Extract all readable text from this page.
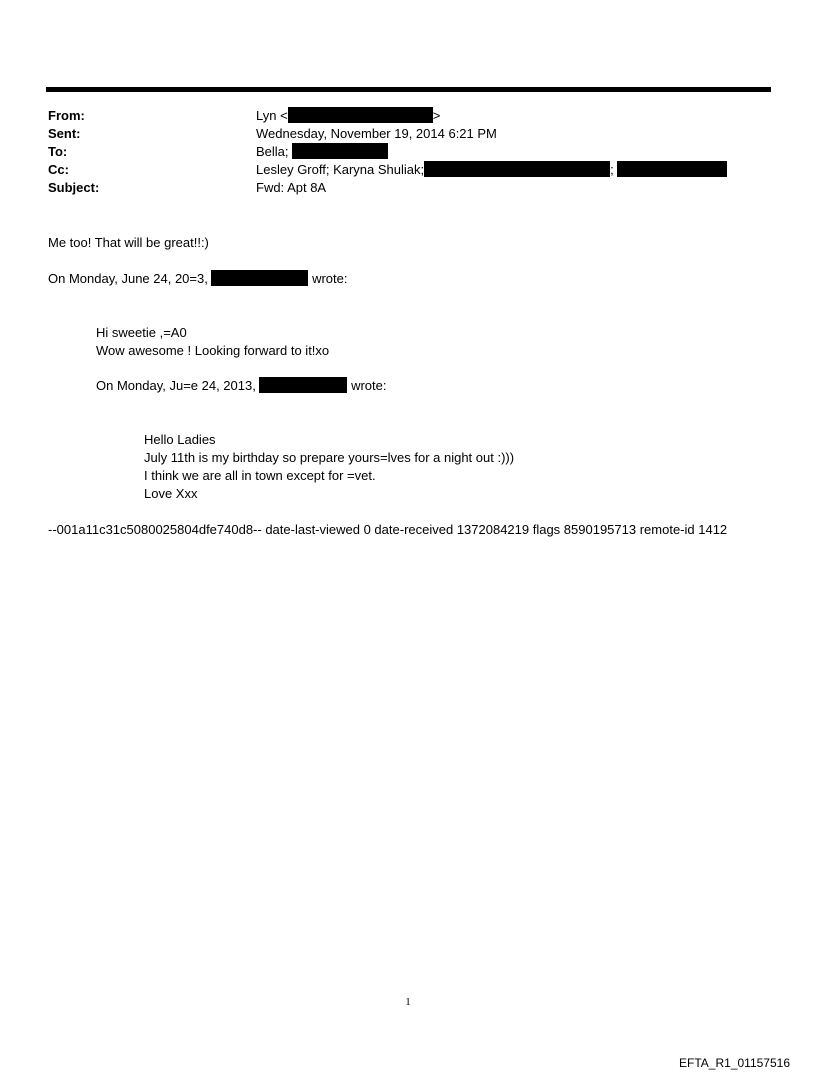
From:	Lyn <	>
Sent:	Wednesday, November 19, 2014 6:21 PM
To:	Bella;
Cc:	Lesley Groff; Karyna Shuliak;	;
Subject:	Fwd: Apt 8A
Me too! That will be great!!:)
On Monday, June 24, 20=3,	wrote:
Hi sweetie ,=A0
Wow awesome ! Looking forward to it!xo
On Monday, Ju=e 24, 2013,	wrote:
Hello Ladies
July 11th is my birthday so prepare yours=lves for a night out :)))
I think we are all in town except for =vet.
Love Xxx
--001a11c31c5080025804dfe740d8-- date-last-viewed 0 date-received 1372084219 flags 8590195713 remote-id 1412
1
EFTA_R1_01157516
